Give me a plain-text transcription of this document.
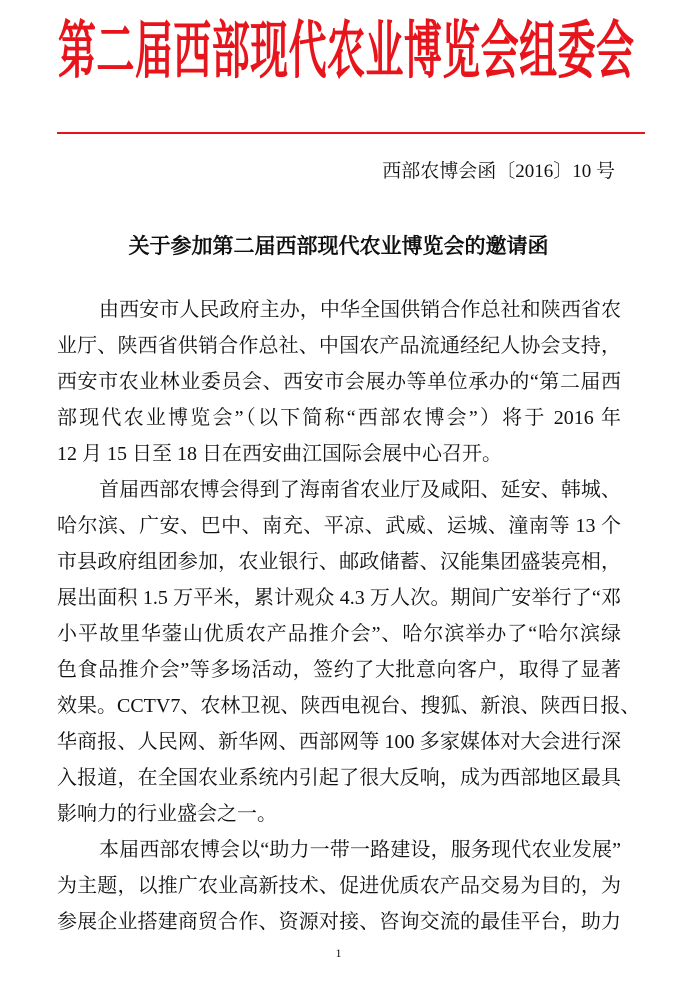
第二届西部现代农业博览会组委会
西部农博会函〔2016〕10 号
关于参加第二届西部现代农业博览会的邀请函
由西安市人民政府主办，中华全国供销合作总社和陕西省农
业厅、陕西省供销合作总社、中国农产品流通经纪人协会支持，
西安市农业林业委员会、西安市会展办等单位承办的“第二届西
部现代农业博览会”（以下简称“西部农博会”）将于 2016 年
12 月 15 日至 18 日在西安曲江国际会展中心召开。
首届西部农博会得到了海南省农业厅及咸阳、延安、韩城、
哈尔滨、广安、巴中、南充、平凉、武威、运城、潼南等 13 个
市县政府组团参加，农业银行、邮政储蓄、汉能集团盛装亮相，
展出面积 1.5 万平米，累计观众 4.3 万人次。期间广安举行了“邓
小平故里华蓥山优质农产品推介会”、哈尔滨举办了“哈尔滨绿
色食品推介会”等多场活动，签约了大批意向客户，取得了显著
效果。CCTV7、农林卫视、陕西电视台、搜狐、新浪、陕西日报、
华商报、人民网、新华网、西部网等 100 多家媒体对大会进行深
入报道，在全国农业系统内引起了很大反响，成为西部地区最具
影响力的行业盛会之一。
本届西部农博会以“助力一带一路建设，服务现代农业发展”
为主题，以推广农业高新技术、促进优质农产品交易为目的，为
参展企业搭建商贸合作、资源对接、咨询交流的最佳平台，助力
1
